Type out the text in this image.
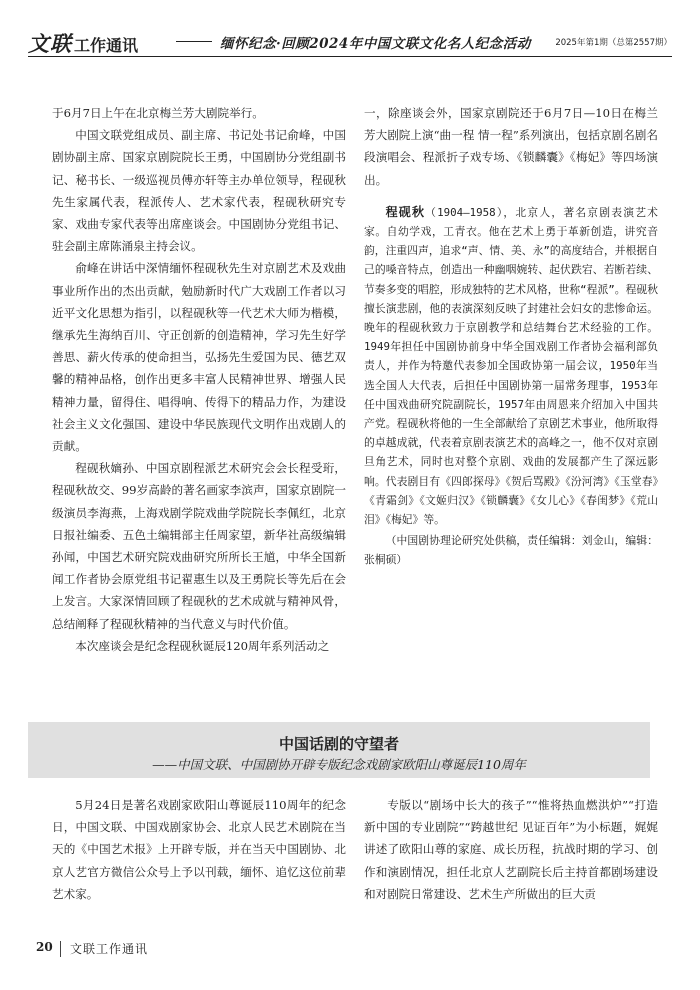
文联 工作通讯	缅怀纪念·回顾2024年中国文联文化名人纪念活动	2025年第1期（总第2557期）

于6月7日上午在北京梅兰芳大剧院举行。

中国文联党组成员、副主席、书记处书记俞峰，中国剧协副主席、国家京剧院院长王勇，中国剧协分党组副书记、秘书长、一级巡视员傅亦轩等主办单位领导，程砚秋先生家属代表，程派传人、艺术家代表，程砚秋研究专家、戏曲专家代表等出席座谈会。中国剧协分党组书记、驻会副主席陈涌泉主持会议。

俞峰在讲话中深情缅怀程砚秋先生对京剧艺术及戏曲事业所作出的杰出贡献，勉励新时代广大戏剧工作者以习近平文化思想为指引，以程砚秋等一代艺术大师为楷模，继承先生海纳百川、守正创新的创造精神，学习先生好学善思、薪火传承的使命担当，弘扬先生爱国为民、德艺双馨的精神品格，创作出更多丰富人民精神世界、增强人民精神力量，留得住、唱得响、传得下的精品力作，为建设社会主义文化强国、建设中华民族现代文明作出戏剧人的贡献。

程砚秋嫡孙、中国京剧程派艺术研究会会长程受珩，程砚秋故交、99岁高龄的著名画家李滨声，国家京剧院一级演员李海燕，上海戏剧学院戏曲学院院长李佩红，北京日报社编委、五色土编辑部主任周家望，新华社高级编辑孙闻，中国艺术研究院戏曲研究所所长王馗，中华全国新闻工作者协会原党组书记翟惠生以及王勇院长等先后在会上发言。大家深情回顾了程砚秋的艺术成就与精神风骨，总结阐释了程砚秋精神的当代意义与时代价值。

本次座谈会是纪念程砚秋诞辰120周年系列活动之

一，除座谈会外，国家京剧院还于6月7日—10日在梅兰芳大剧院上演“曲一程 情一程”系列演出，包括京剧名剧名段演唱会、程派折子戏专场、《锁麟囊》《梅妃》等四场演出。

程砚秋（1904—1958），北京人，著名京剧表演艺术家。自幼学戏，工青衣。他在艺术上勇于革新创造，讲究音韵，注重四声，追求“声、情、美、永”的高度结合，并根据自己的嗓音特点，创造出一种幽咽婉转、起伏跌宕、若断若续、节奏多变的唱腔，形成独特的艺术风格，世称“程派”。程砚秋擅长演悲剧，他的表演深刻反映了封建社会妇女的悲惨命运。晚年的程砚秋致力于京剧教学和总结舞台艺术经验的工作。1949年担任中国剧协前身中华全国戏剧工作者协会福利部负责人，并作为特邀代表参加全国政协第一届会议，1950年当选全国人大代表，后担任中国剧协第一届常务理事，1953年任中国戏曲研究院副院长，1957年由周恩来介绍加入中国共产党。程砚秋将他的一生全部献给了京剧艺术事业，他所取得的卓越成就，代表着京剧表演艺术的高峰之一，他不仅对京剧旦角艺术，同时也对整个京剧、戏曲的发展都产生了深远影响。代表剧目有《四郎探母》《贺后骂殿》《汾河湾》《玉堂春》《青霜剑》《文姬归汉》《锁麟囊》《女儿心》《春闺梦》《荒山泪》《梅妃》等。

（中国剧协理论研究处供稿，责任编辑：刘金山，编辑：张桐硕）

中国话剧的守望者
——中国文联、中国剧协开辟专版纪念戏剧家欧阳山尊诞辰110周年

5月24日是著名戏剧家欧阳山尊诞辰110周年的纪念日，中国文联、中国戏剧家协会、北京人民艺术剧院在当天的《中国艺术报》上开辟专版，并在当天中国剧协、北京人艺官方微信公众号上予以刊载，缅怀、追忆这位前辈艺术家。

专版以“剧场中长大的孩子”“惟将热血燃洪炉”“打造新中国的专业剧院”“跨越世纪 见证百年”为小标题，娓娓讲述了欧阳山尊的家庭、成长历程，抗战时期的学习、创作和演剧情况，担任北京人艺副院长后主持首都剧场建设和对剧院日常建设、艺术生产所做出的巨大贡

20 文联工作通讯
